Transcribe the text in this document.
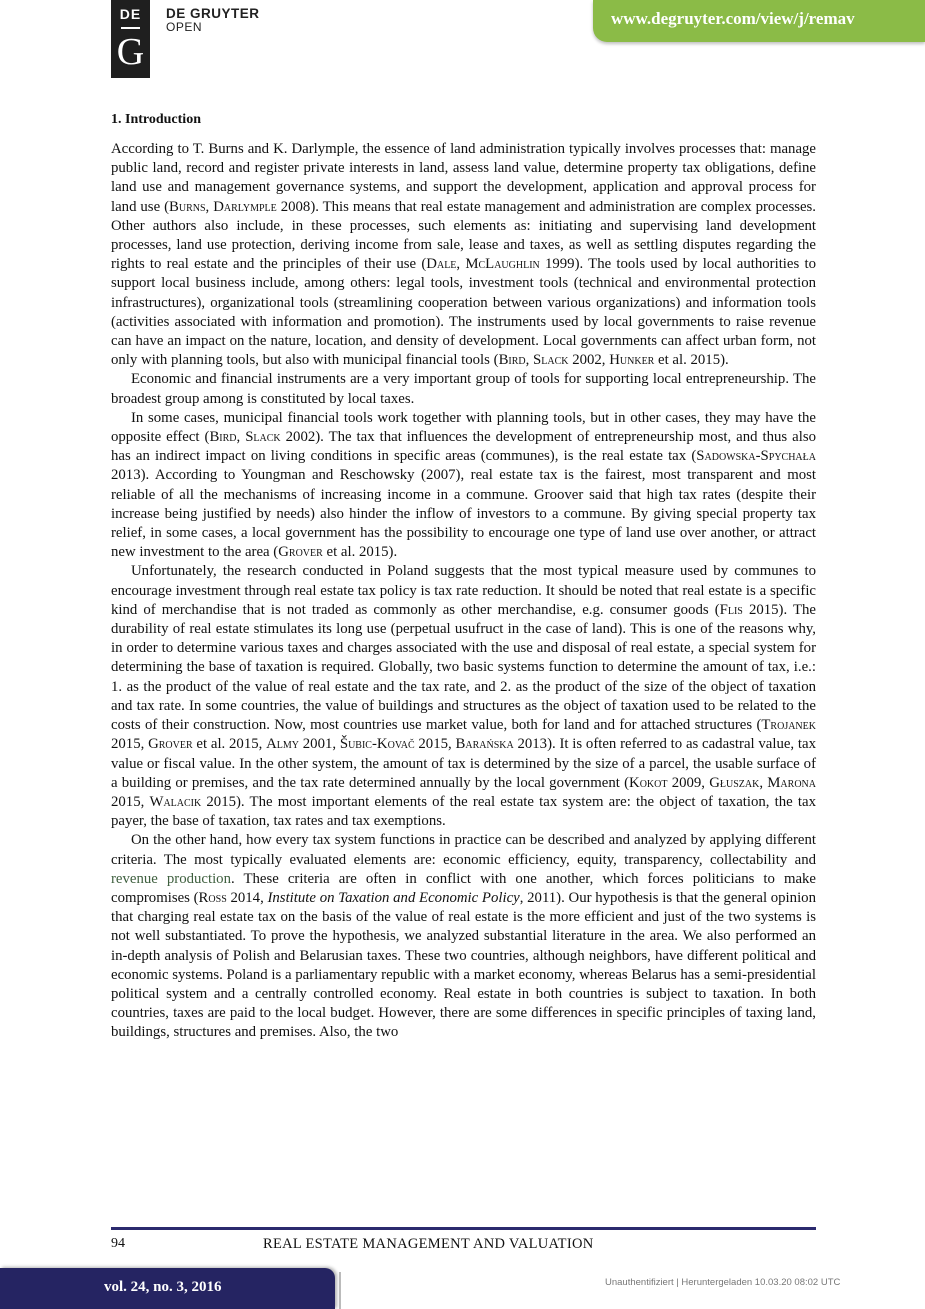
DE
G
DE GRUYTER
OPEN	www.degruyter.com/view/j/remav
1. Introduction

According to T. Burns and K. Darlymple, the essence of land administration typically involves processes that: manage public land, record and register private interests in land, assess land value, determine property tax obligations, define land use and management governance systems, and support the development, application and approval process for land use (Burns, Darlymple 2008). This means that real estate management and administration are complex processes. Other authors also include, in these processes, such elements as: initiating and supervising land development processes, land use protection, deriving income from sale, lease and taxes, as well as settling disputes regarding the rights to real estate and the principles of their use (Dale, McLaughlin 1999). The tools used by local authorities to support local business include, among others: legal tools, investment tools (technical and environmental protection infrastructures), organizational tools (streamlining cooperation between various organizations) and information tools (activities associated with information and promotion). The instruments used by local governments to raise revenue can have an impact on the nature, location, and density of development. Local governments can affect urban form, not only with planning tools, but also with municipal financial tools (Bird, Slack 2002, Hunker et al. 2015).

Economic and financial instruments are a very important group of tools for supporting local entrepreneurship. The broadest group among is constituted by local taxes.

In some cases, municipal financial tools work together with planning tools, but in other cases, they may have the opposite effect (Bird, Slack 2002). The tax that influences the development of entrepreneurship most, and thus also has an indirect impact on living conditions in specific areas (communes), is the real estate tax (Sadowska-Spychała 2013). According to Youngman and Reschowsky (2007), real estate tax is the fairest, most transparent and most reliable of all the mechanisms of increasing income in a commune. Groover said that high tax rates (despite their increase being justified by needs) also hinder the inflow of investors to a commune. By giving special property tax relief, in some cases, a local government has the possibility to encourage one type of land use over another, or attract new investment to the area (Grover et al. 2015).

Unfortunately, the research conducted in Poland suggests that the most typical measure used by communes to encourage investment through real estate tax policy is tax rate reduction. It should be noted that real estate is a specific kind of merchandise that is not traded as commonly as other merchandise, e.g. consumer goods (Flis 2015). The durability of real estate stimulates its long use (perpetual usufruct in the case of land). This is one of the reasons why, in order to determine various taxes and charges associated with the use and disposal of real estate, a special system for determining the base of taxation is required. Globally, two basic systems function to determine the amount of tax, i.e.: 1. as the product of the value of real estate and the tax rate, and 2. as the product of the size of the object of taxation and tax rate. In some countries, the value of buildings and structures as the object of taxation used to be related to the costs of their construction. Now, most countries use market value, both for land and for attached structures (Trojanek 2015, Grover et al. 2015, Almy 2001, Šubic-Kovač 2015, Barańska 2013). It is often referred to as cadastral value, tax value or fiscal value. In the other system, the amount of tax is determined by the size of a parcel, the usable surface of a building or premises, and the tax rate determined annually by the local government (Kokot 2009, Głuszak, Marona 2015, Walacik 2015). The most important elements of the real estate tax system are: the object of taxation, the tax payer, the base of taxation, tax rates and tax exemptions.

On the other hand, how every tax system functions in practice can be described and analyzed by applying different criteria. The most typically evaluated elements are: economic efficiency, equity, transparency, collectability and revenue production. These criteria are often in conflict with one another, which forces politicians to make compromises (Ross 2014, Institute on Taxation and Economic Policy, 2011). Our hypothesis is that the general opinion that charging real estate tax on the basis of the value of real estate is the more efficient and just of the two systems is not well substantiated. To prove the hypothesis, we analyzed substantial literature in the area. We also performed an in-depth analysis of Polish and Belarusian taxes. These two countries, although neighbors, have different political and economic systems. Poland is a parliamentary republic with a market economy, whereas Belarus has a semi-presidential political system and a centrally controlled economy. Real estate in both countries is subject to taxation. In both countries, taxes are paid to the local budget. However, there are some differences in specific principles of taxing land, buildings, structures and premises. Also, the two

94	REAL ESTATE MANAGEMENT AND VALUATION
vol. 24, no. 3, 2016	Unauthentifiziert | Heruntergeladen 10.03.20 08:02 UTC
